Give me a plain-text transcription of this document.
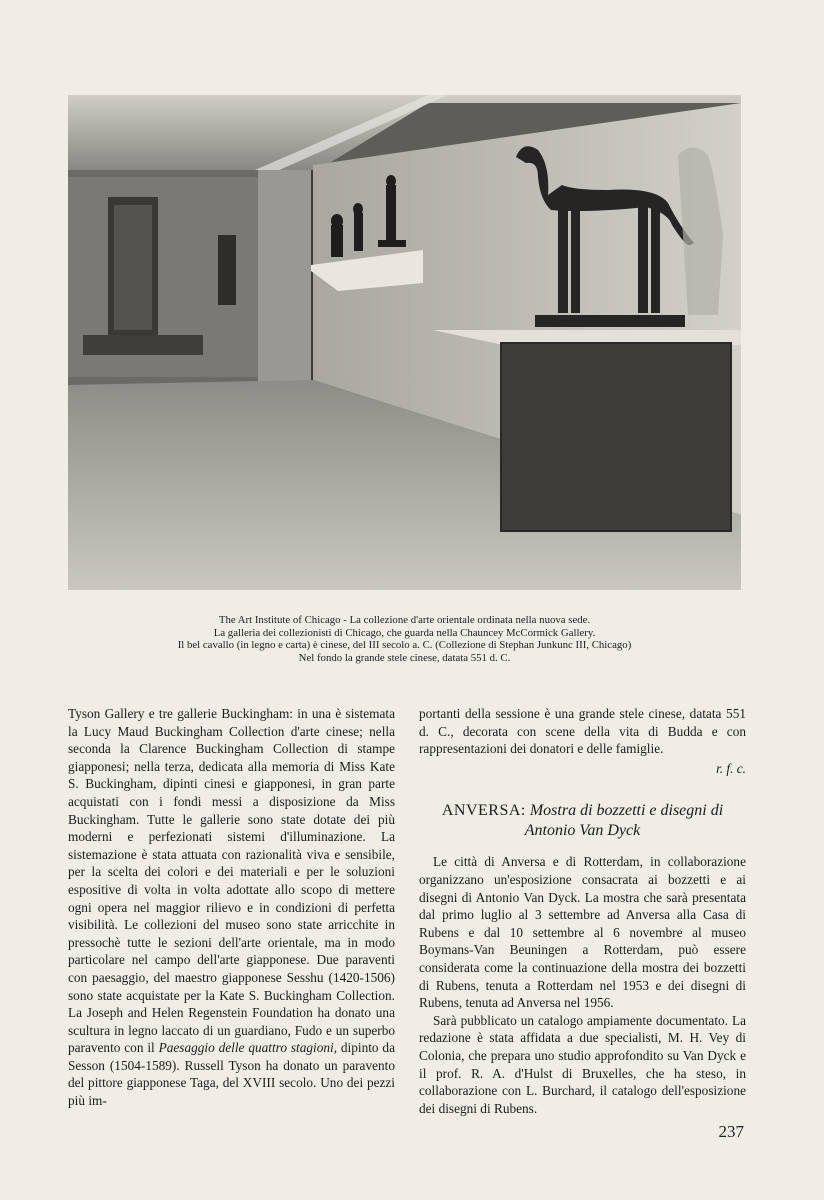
The Art Institute of Chicago - La collezione d'arte orientale ordinata nella nuova sede.
La galleria dei collezionisti di Chicago, che guarda nella Chauncey McCormick Gallery.
Il bel cavallo (in legno e carta) è cinese, del III secolo a. C. (Collezione di Stephan Junkunc III, Chicago)
Nel fondo la grande stele cinese, datata 551 d. C.

Tyson Gallery e tre gallerie Buckingham: in una è sistemata la Lucy Maud Buckingham Collection d'arte cinese; nella seconda la Clarence Buckingham Collection di stampe giapponesi; nella terza, dedicata alla memoria di Miss Kate S. Buckingham, dipinti cinesi e giapponesi, in gran parte acquistati con i fondi messi a disposizione da Miss Buckingham. Tutte le gallerie sono state dotate dei più moderni e perfezionati sistemi d'illuminazione. La sistemazione è stata attuata con razionalità viva e sensibile, per la scelta dei colori e dei materiali e per le soluzioni espositive di volta in volta adottate allo scopo di mettere ogni opera nel maggior rilievo e in condizioni di perfetta visibilità. Le collezioni del museo sono state arricchite in pressochè tutte le sezioni dell'arte orientale, ma in modo particolare nel campo dell'arte giapponese. Due paraventi con paesaggio, del maestro giapponese Sesshu (1420-1506) sono state acquistate per la Kate S. Buckingham Collection. La Joseph and Helen Regenstein Foundation ha donato una scultura in legno laccato di un guardiano, Fudo e un superbo paravento con il Paesaggio delle quattro stagioni, dipinto da Sesson (1504-1589). Russell Tyson ha donato un paravento del pittore giapponese Taga, del XVIII secolo. Uno dei pezzi più im-

portanti della sessione è una grande stele cinese, datata 551 d. C., decorata con scene della vita di Budda e con rappresentazioni dei donatori e delle famiglie.

r. f. c.

ANVERSA: Mostra di bozzetti e disegni di Antonio Van Dyck

Le città di Anversa e di Rotterdam, in collaborazione organizzano un'esposizione consacrata ai bozzetti e ai disegni di Antonio Van Dyck. La mostra che sarà presentata dal primo luglio al 3 settembre ad Anversa alla Casa di Rubens e dal 10 settembre al 6 novembre al museo Boymans-Van Beuningen a Rotterdam, può essere considerata come la continuazione della mostra dei bozzetti di Rubens, tenuta a Rotterdam nel 1953 e dei disegni di Rubens, tenuta ad Anversa nel 1956.

Sarà pubblicato un catalogo ampiamente documentato. La redazione è stata affidata a due specialisti, M. H. Vey di Colonia, che prepara uno studio approfondito su Van Dyck e il prof. R. A. d'Hulst di Bruxelles, che ha steso, in collaborazione con L. Burchard, il catalogo dell'esposizione dei disegni di Rubens.

237
